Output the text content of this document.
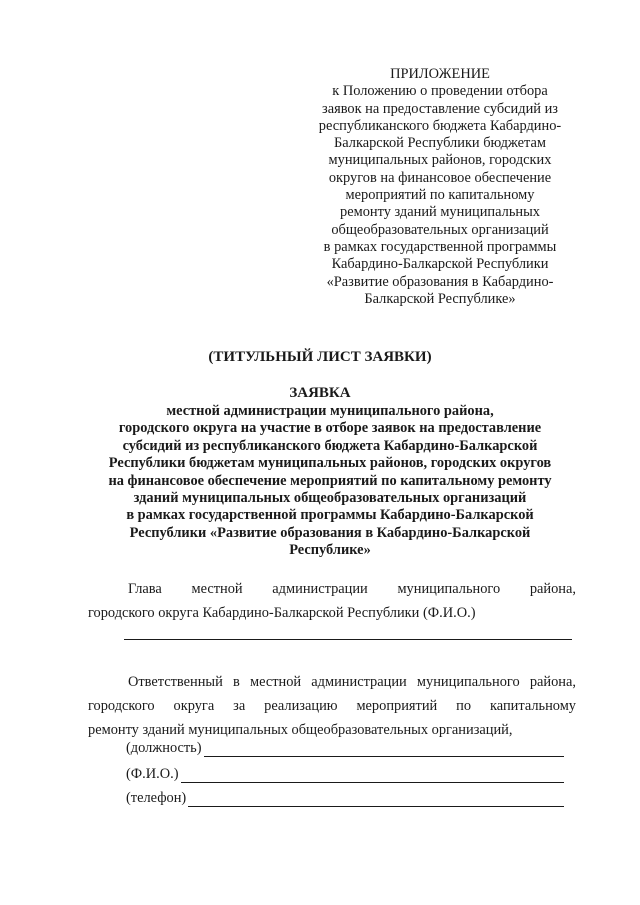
ПРИЛОЖЕНИЕ
к Положению о проведении отбора
заявок на предоставление субсидий из
республиканского бюджета Кабардино-
Балкарской Республики бюджетам
муниципальных районов, городских
округов на финансовое обеспечение
мероприятий по капитальному
ремонту зданий муниципальных
общеобразовательных организаций
в рамках государственной программы
Кабардино-Балкарской Республики
«Развитие образования в Кабардино-
Балкарской Республике»
(ТИТУЛЬНЫЙ ЛИСТ ЗАЯВКИ)
ЗАЯВКА
местной администрации муниципального района,
городского округа на участие в отборе заявок на предоставление
субсидий из республиканского бюджета Кабардино-Балкарской
Республики бюджетам муниципальных районов, городских округов
на финансовое обеспечение мероприятий по капитальному ремонту
зданий муниципальных общеобразовательных организаций
в рамках государственной программы Кабардино-Балкарской
Республики «Развитие образования в Кабардино-Балкарской
Республике»
Глава местной администрации муниципального района,
городского округа Кабардино-Балкарской Республики (Ф.И.О.)
Ответственный в местной администрации муниципального района,
городского округа за реализацию мероприятий по капитальному
ремонту зданий муниципальных общеобразовательных организаций,
(должность)
(Ф.И.О.)
(телефон)
